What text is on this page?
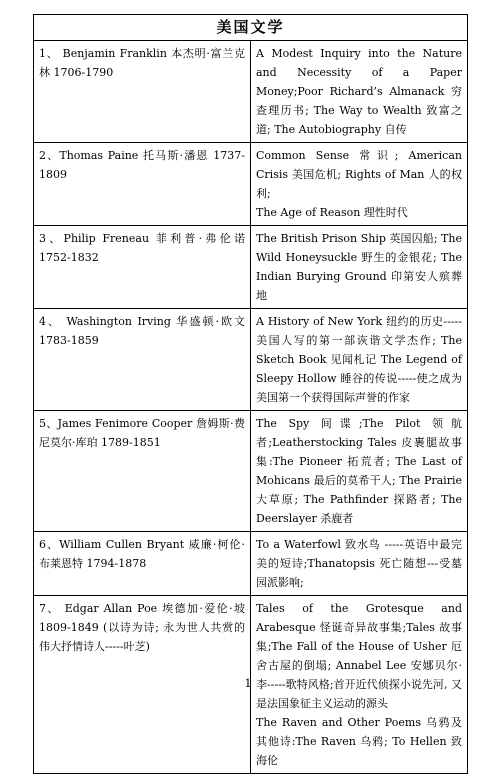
美国文学	
1、 Benjamin Franklin 本杰明·富兰克林 1706-1790	A Modest Inquiry into the Nature and Necessity of a Paper Money;Poor Richard’s Almanack 穷查理历书; The Way to Wealth 致富之道; The Autobiography 自传

2、Thomas Paine 托马斯·潘恩 1737-1809	Common Sense 常识; American Crisis 美国危机; Rights of Man 人的权利;
The Age of Reason 理性时代

3、Philip Freneau 菲利普·弗伦诺 1752-1832	The British Prison Ship 英国囚船; The Wild Honeysuckle 野生的金银花; The Indian Burying Ground 印第安人殡葬地

4、 Washington Irving 华盛顿·欧文 1783-1859	A History of New York 纽约的历史-----美国人写的第一部诙谐文学杰作; The Sketch Book 见闻札记 The Legend of Sleepy Hollow 睡谷的传说-----使之成为美国第一个获得国际声誉的作家

5、James Fenimore Cooper 詹姆斯·费尼莫尔·库珀 1789-1851	The Spy 间谍;The Pilot 领航者;Leatherstocking Tales 皮裹腿故事集:The Pioneer 拓荒者; The Last of Mohicans 最后的莫希干人; The Prairie 大草原; The Pathfinder 探路者; The Deerslayer 杀鹿者

6、William Cullen Bryant 威廉·柯伦·布莱恩特 1794-1878	To a Waterfowl 致水鸟 -----英语中最完美的短诗;Thanatopsis 死亡随想---受墓园派影响;

7、 Edgar Allan Poe 埃德加·爱伦·坡 1809-1849 (以诗为诗; 永为世人共赏的伟大抒情诗人-----叶芝)	Tales of the Grotesque and Arabesque 怪诞奇异故事集;Tales 故事集;The Fall of the House of Usher 厄舍古屋的倒塌; Annabel Lee 安娜贝尔·李-----歌特风格;首开近代侦探小说先河, 又是法国象征主义运动的源头
The Raven and Other Poems 乌鸦及其他诗:The Raven 乌鸦; To Hellen 致海伦
1
